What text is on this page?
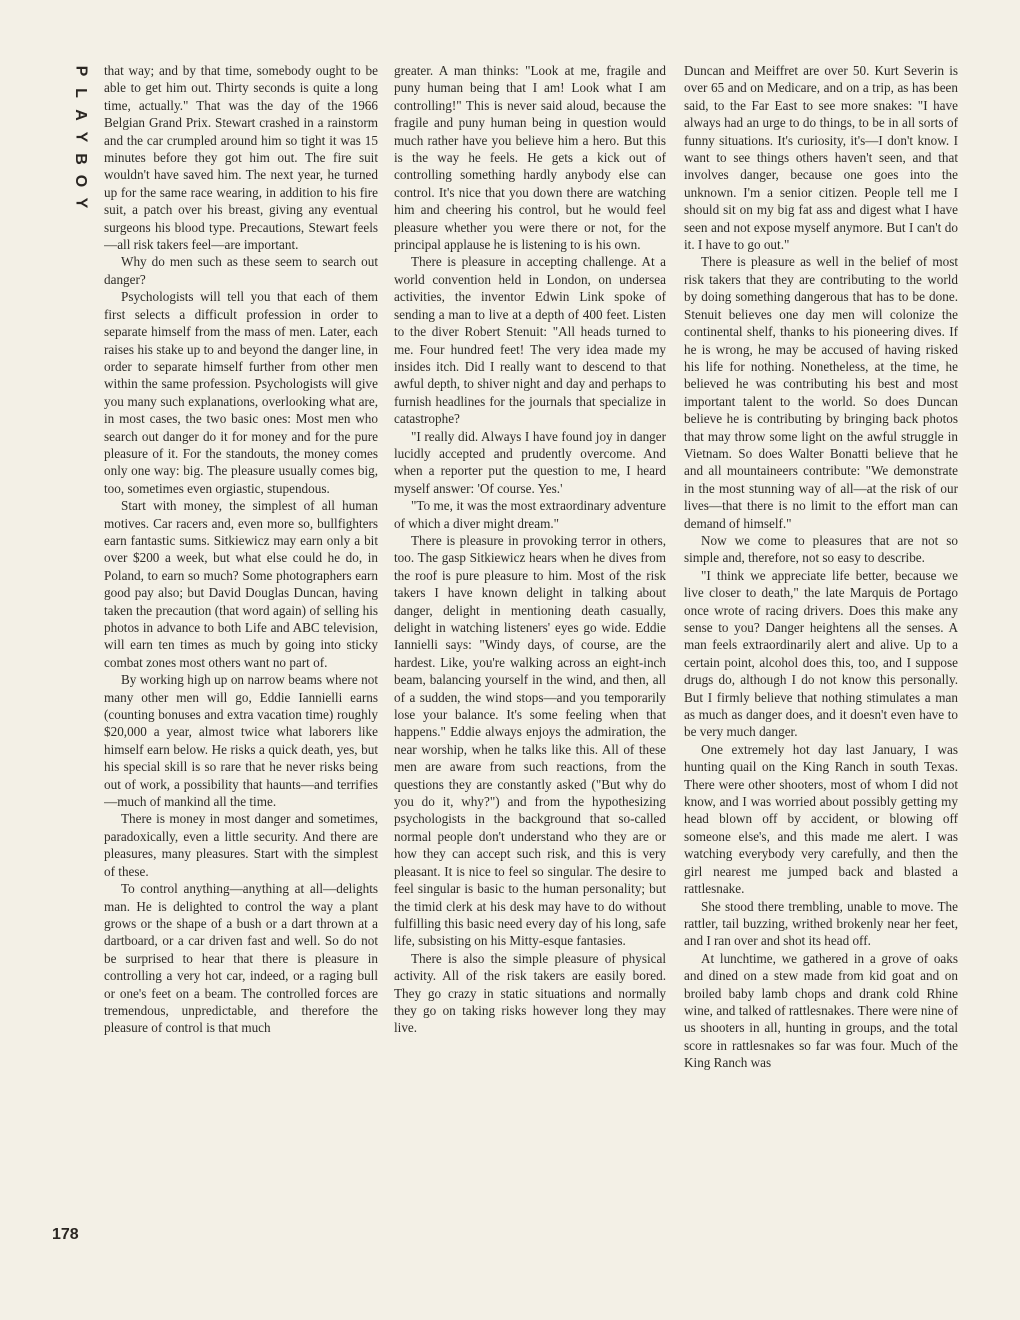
P
L
A
Y
B
O
Y

that way; and by that time, somebody ought to be able to get him out. Thirty seconds is quite a long time, actually." That was the day of the 1966 Belgian Grand Prix. Stewart crashed in a rainstorm and the car crumpled around him so tight it was 15 minutes before they got him out. The fire suit wouldn't have saved him. The next year, he turned up for the same race wearing, in addition to his fire suit, a patch over his breast, giving any eventual surgeons his blood type. Precautions, Stewart feels—all risk takers feel—are important.

Why do men such as these seem to search out danger?

Psychologists will tell you that each of them first selects a difficult profession in order to separate himself from the mass of men. Later, each raises his stake up to and beyond the danger line, in order to separate himself further from other men within the same profession. Psychologists will give you many such explanations, overlooking what are, in most cases, the two basic ones: Most men who search out danger do it for money and for the pure pleasure of it. For the standouts, the money comes only one way: big. The pleasure usually comes big, too, sometimes even orgiastic, stupendous.

Start with money, the simplest of all human motives. Car racers and, even more so, bullfighters earn fantastic sums. Sitkiewicz may earn only a bit over $200 a week, but what else could he do, in Poland, to earn so much? Some photographers earn good pay also; but David Douglas Duncan, having taken the precaution (that word again) of selling his photos in advance to both Life and ABC television, will earn ten times as much by going into sticky combat zones most others want no part of.

By working high up on narrow beams where not many other men will go, Eddie Iannielli earns (counting bonuses and extra vacation time) roughly $20,000 a year, almost twice what laborers like himself earn below. He risks a quick death, yes, but his special skill is so rare that he never risks being out of work, a possibility that haunts—and terrifies—much of mankind all the time.

There is money in most danger and sometimes, paradoxically, even a little security. And there are pleasures, many pleasures. Start with the simplest of these.

To control anything—anything at all—delights man. He is delighted to control the way a plant grows or the shape of a bush or a dart thrown at a dartboard, or a car driven fast and well. So do not be surprised to hear that there is pleasure in controlling a very hot car, indeed, or a raging bull or one's feet on a beam. The controlled forces are tremendous, unpredictable, and therefore the pleasure of control is that much

greater. A man thinks: "Look at me, fragile and puny human being that I am! Look what I am controlling!" This is never said aloud, because the fragile and puny human being in question would much rather have you believe him a hero. But this is the way he feels. He gets a kick out of controlling something hardly anybody else can control. It's nice that you down there are watching him and cheering his control, but he would feel pleasure whether you were there or not, for the principal applause he is listening to is his own.

There is pleasure in accepting challenge. At a world convention held in London, on undersea activities, the inventor Edwin Link spoke of sending a man to live at a depth of 400 feet. Listen to the diver Robert Stenuit: "All heads turned to me. Four hundred feet! The very idea made my insides itch. Did I really want to descend to that awful depth, to shiver night and day and perhaps to furnish headlines for the journals that specialize in catastrophe?

"I really did. Always I have found joy in danger lucidly accepted and prudently overcome. And when a reporter put the question to me, I heard myself answer: 'Of course. Yes.'

"To me, it was the most extraordinary adventure of which a diver might dream."

There is pleasure in provoking terror in others, too. The gasp Sitkiewicz hears when he dives from the roof is pure pleasure to him. Most of the risk takers I have known delight in talking about danger, delight in mentioning death casually, delight in watching listeners' eyes go wide. Eddie Iannielli says: "Windy days, of course, are the hardest. Like, you're walking across an eight-inch beam, balancing yourself in the wind, and then, all of a sudden, the wind stops—and you temporarily lose your balance. It's some feeling when that happens." Eddie always enjoys the admiration, the near worship, when he talks like this. All of these men are aware from such reactions, from the questions they are constantly asked ("But why do you do it, why?") and from the hypothesizing psychologists in the background that so-called normal people don't understand who they are or how they can accept such risk, and this is very pleasant. It is nice to feel so singular. The desire to feel singular is basic to the human personality; but the timid clerk at his desk may have to do without fulfilling this basic need every day of his long, safe life, subsisting on his Mitty-esque fantasies.

There is also the simple pleasure of physical activity. All of the risk takers are easily bored. They go crazy in static situations and normally they go on taking risks however long they may live.

Duncan and Meiffret are over 50. Kurt Severin is over 65 and on Medicare, and on a trip, as has been said, to the Far East to see more snakes: "I have always had an urge to do things, to be in all sorts of funny situations. It's curiosity, it's—I don't know. I want to see things others haven't seen, and that involves danger, because one goes into the unknown. I'm a senior citizen. People tell me I should sit on my big fat ass and digest what I have seen and not expose myself anymore. But I can't do it. I have to go out."

There is pleasure as well in the belief of most risk takers that they are contributing to the world by doing something dangerous that has to be done. Stenuit believes one day men will colonize the continental shelf, thanks to his pioneering dives. If he is wrong, he may be accused of having risked his life for nothing. Nonetheless, at the time, he believed he was contributing his best and most important talent to the world. So does Duncan believe he is contributing by bringing back photos that may throw some light on the awful struggle in Vietnam. So does Walter Bonatti believe that he and all mountaineers contribute: "We demonstrate in the most stunning way of all—at the risk of our lives—that there is no limit to the effort man can demand of himself."

Now we come to pleasures that are not so simple and, therefore, not so easy to describe.

"I think we appreciate life better, because we live closer to death," the late Marquis de Portago once wrote of racing drivers. Does this make any sense to you? Danger heightens all the senses. A man feels extraordinarily alert and alive. Up to a certain point, alcohol does this, too, and I suppose drugs do, although I do not know this personally. But I firmly believe that nothing stimulates a man as much as danger does, and it doesn't even have to be very much danger.

One extremely hot day last January, I was hunting quail on the King Ranch in south Texas. There were other shooters, most of whom I did not know, and I was worried about possibly getting my head blown off by accident, or blowing off someone else's, and this made me alert. I was watching everybody very carefully, and then the girl nearest me jumped back and blasted a rattlesnake.

She stood there trembling, unable to move. The rattler, tail buzzing, writhed brokenly near her feet, and I ran over and shot its head off.

At lunchtime, we gathered in a grove of oaks and dined on a stew made from kid goat and on broiled baby lamb chops and drank cold Rhine wine, and talked of rattlesnakes. There were nine of us shooters in all, hunting in groups, and the total score in rattlesnakes so far was four. Much of the King Ranch was

178
